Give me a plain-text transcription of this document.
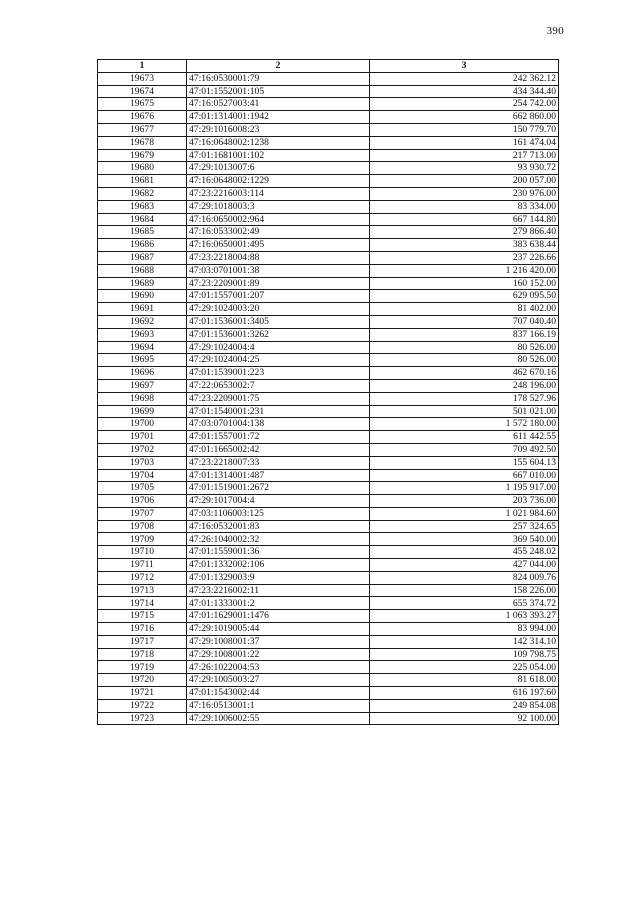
390
1	2	3
19673	47:16:0530001:79	242 362.12
19674	47:01:1552001:105	434 344.40
19675	47:16:0527003:41	254 742.00
19676	47:01:1314001:1942	662 860.00
19677	47:29:1016008:23	150 779.70
19678	47:16:0648002:1238	161 474.04
19679	47:01:1681001:102	217 713.00
19680	47:29:1013007:6	93 930.72
19681	47:16:0648002:1229	200 057.00
19682	47:23:2216003:114	230 976.00
19683	47:29:1018003:3	83 334.00
19684	47:16:0650002:964	667 144.80
19685	47:16:0533002:49	279 866.40
19686	47:16:0650001:495	383 638.44
19687	47:23:2218004:88	237 226.66
19688	47:03:0701001:38	1 216 420.00
19689	47:23:2209001:89	160 152.00
19690	47:01:1557001:207	629 095.50
19691	47:29:1024003:20	81 402.00
19692	47:01:1536001:3405	707 040.40
19693	47:01:1536001:3262	837 166.19
19694	47:29:1024004:4	80 526.00
19695	47:29:1024004:25	80 526.00
19696	47:01:1539001:223	462 670.16
19697	47:22:0653002:7	248 196.00
19698	47:23:2209001:75	178 527.96
19699	47:01:1540001:231	501 021.00
19700	47:03:0701004:138	1 572 180.00
19701	47:01:1557001:72	611 442.55
19702	47:01:1665002:42	709 492.50
19703	47:23:2218007:33	155 604.13
19704	47:01:1314001:487	667 010.00
19705	47:01:1519001:2672	1 195 917.00
19706	47:29:1017004:4	203 736.00
19707	47:03:1106003:125	1 021 984.60
19708	47:16:0532001:83	257 324.65
19709	47:26:1040002:32	369 540.00
19710	47:01:1559001:36	455 248.02
19711	47:01:1332002:106	427 044.00
19712	47:01:1329003:9	824 009.76
19713	47:23:2216002:11	158 226.00
19714	47:01:1333001:2	655 374.72
19715	47:01:1629001:1476	1 063 393.27
19716	47:29:1019005:44	83 994.00
19717	47:29:1008001:37	142 314.10
19718	47:29:1008001:22	109 798.75
19719	47:26:1022004:53	225 054.00
19720	47:29:1005003:27	81 618.00
19721	47:01:1543002:44	616 197.60
19722	47:16:0513001:1	249 854.08
19723	47:29:1006002:55	92 100.00
